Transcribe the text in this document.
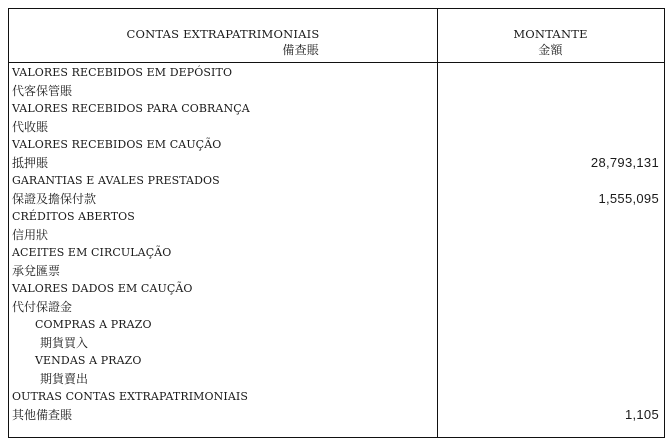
CONTAS EXTRAPATRIMONIAIS
備查賬
MONTANTE
金額
VALORES RECEBIDOS EM DEPÓSITO
代客保管賬
VALORES RECEBIDOS PARA COBRANÇA
代收賬
VALORES RECEBIDOS EM CAUÇÃO
抵押賬	28,793,131
GARANTIAS E AVALES PRESTADOS
保證及擔保付款	1,555,095
CRÉDITOS ABERTOS
信用狀
ACEITES EM CIRCULAÇÃO
承兌匯票
VALORES DADOS EM CAUÇÃO
代付保證金
COMPRAS A PRAZO
期貨買入
VENDAS A PRAZO
期貨賣出
OUTRAS CONTAS EXTRAPATRIMONIAIS
其他備查賬	1,105
